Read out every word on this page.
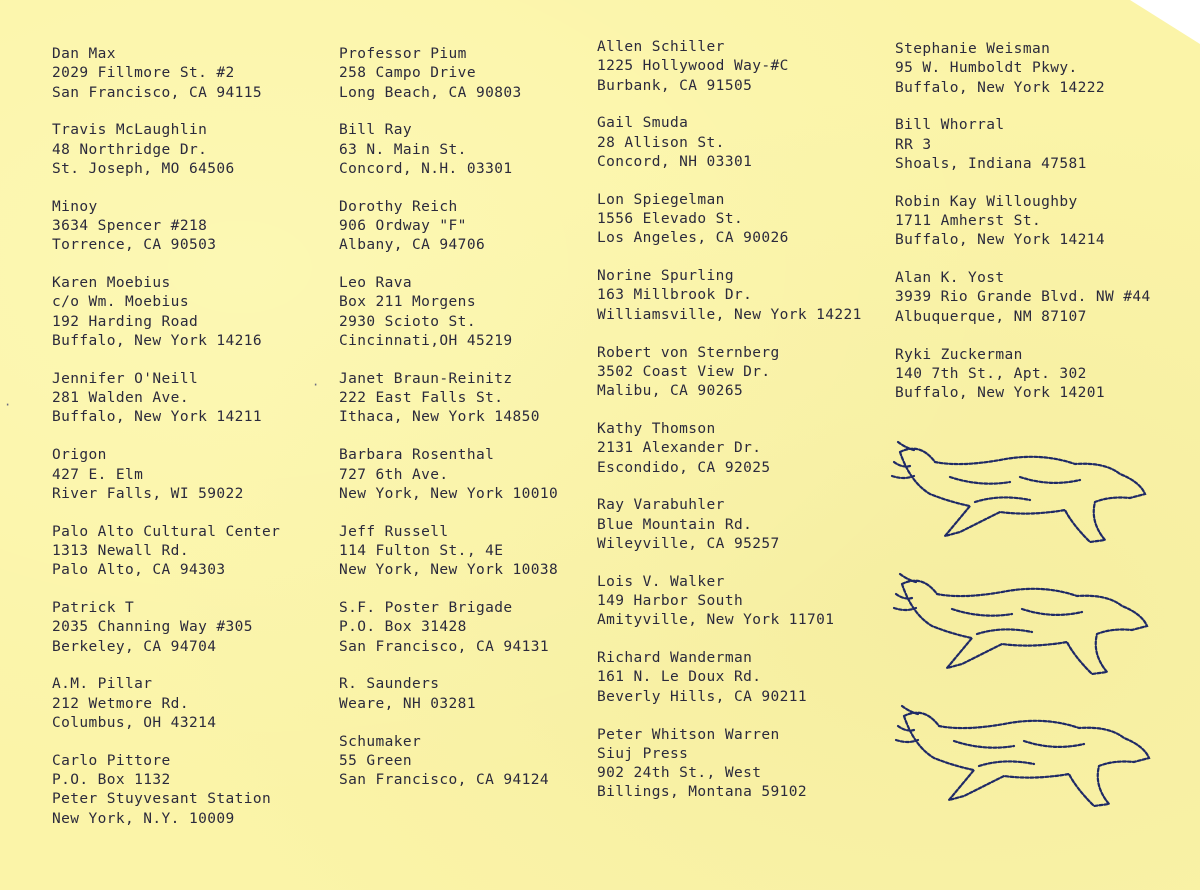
Dan Max
2029 Fillmore St. #2
San Francisco, CA 94115
Travis McLaughlin
48 Northridge Dr.
St. Joseph, MO 64506
Minoy
3634 Spencer #218
Torrence, CA 90503
Karen Moebius
c/o Wm. Moebius
192 Harding Road
Buffalo, New York 14216
Jennifer O'Neill
281 Walden Ave.
Buffalo, New York 14211
Origon
427 E. Elm
River Falls, WI 59022
Palo Alto Cultural Center
1313 Newall Rd.
Palo Alto, CA 94303
Patrick T
2035 Channing Way #305
Berkeley, CA 94704
A.M. Pillar
212 Wetmore Rd.
Columbus, OH 43214
Carlo Pittore
P.O. Box 1132
Peter Stuyvesant Station
New York, N.Y. 10009
Professor Pium
258 Campo Drive
Long Beach, CA 90803
Bill Ray
63 N. Main St.
Concord, N.H. 03301
Dorothy Reich
906 Ordway "F"
Albany, CA 94706
Leo Rava
Box 211 Morgens
2930 Scioto St.
Cincinnati,OH 45219
Janet Braun-Reinitz
222 East Falls St.
Ithaca, New York 14850
Barbara Rosenthal
727 6th Ave.
New York, New York 10010
Jeff Russell
114 Fulton St., 4E
New York, New York 10038
S.F. Poster Brigade
P.O. Box 31428
San Francisco, CA 94131
R. Saunders
Weare, NH 03281
Schumaker
55 Green
San Francisco, CA 94124
Allen Schiller
1225 Hollywood Way-#C
Burbank, CA 91505
Gail Smuda
28 Allison St.
Concord, NH 03301
Lon Spiegelman
1556 Elevado St.
Los Angeles, CA 90026
Norine Spurling
163 Millbrook Dr.
Williamsville, New York 14221
Robert von Sternberg
3502 Coast View Dr.
Malibu, CA 90265
Kathy Thomson
2131 Alexander Dr.
Escondido, CA 92025
Ray Varabuhler
Blue Mountain Rd.
Wileyville, CA 95257
Lois V. Walker
149 Harbor South
Amityville, New York 11701
Richard Wanderman
161 N. Le Doux Rd.
Beverly Hills, CA 90211
Peter Whitson Warren
Siuj Press
902 24th St., West
Billings, Montana 59102
Stephanie Weisman
95 W. Humboldt Pkwy.
Buffalo, New York 14222
Bill Whorral
RR 3
Shoals, Indiana 47581
Robin Kay Willoughby
1711 Amherst St.
Buffalo, New York 14214
Alan K. Yost
3939 Rio Grande Blvd. NW #44
Albuquerque, NM 87107
Ryki Zuckerman
140 7th St., Apt. 302
Buffalo, New York 14201
·
·
